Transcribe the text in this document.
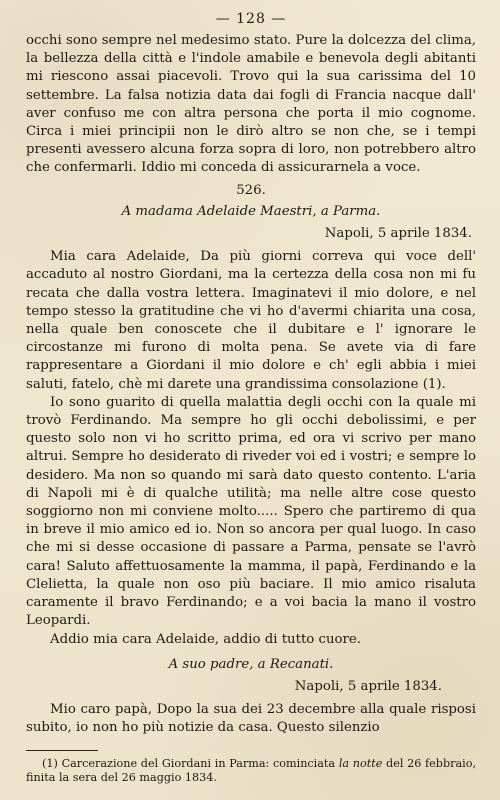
— 128 —

occhi sono sempre nel medesimo stato. Pure la dolcezza del clima, la bellezza della città e l'indole amabile e benevola degli abitanti mi riescono assai piacevoli. Trovo qui la sua carissima del 10 settembre. La falsa notizia data dai fogli di Francia nacque dall' aver confuso me con altra persona che porta il mio cognome. Circa i miei principii non le dirò altro se non che, se i tempi presenti avessero alcuna forza sopra di loro, non potrebbero altro che confermarli. Iddio mi conceda di assicurarnela a voce.

526.
A madama Adelaide Maestri, a Parma.
Napoli, 5 aprile 1834.

Mia cara Adelaide, Da più giorni correva qui voce dell' accaduto al nostro Giordani, ma la certezza della cosa non mi fu recata che dalla vostra lettera. Imaginatevi il mio dolore, e nel tempo stesso la gratitudine che vi ho d'avermi chiarita una cosa, nella quale ben conoscete che il dubitare e l' ignorare le circostanze mi furono di molta pena. Se avete via di fare rappresentare a Giordani il mio dolore e ch' egli abbia i miei saluti, fatelo, chè mi darete una grandissima consolazione (1).

Io sono guarito di quella malattia degli occhi con la quale mi trovò Ferdinando. Ma sempre ho gli occhi debolissimi, e per questo solo non vi ho scritto prima, ed ora vi scrivo per mano altrui. Sempre ho desiderato di riveder voi ed i vostri; e sempre lo desidero. Ma non so quando mi sarà dato questo contento. L'aria di Napoli mi è di qualche utilità; ma nelle altre cose questo soggiorno non mi conviene molto..... Spero che partiremo di qua in breve il mio amico ed io. Non so ancora per qual luogo. In caso che mi si desse occasione di passare a Parma, pensate se l'avrò cara! Saluto affettuosamente la mamma, il papà, Ferdinando e la Clelietta, la quale non oso più baciare. Il mio amico risaluta caramente il bravo Ferdinando; e a voi bacia la mano il vostro Leopardi.

Addio mia cara Adelaide, addio di tutto cuore.

A suo padre, a Recanati.
Napoli, 5 aprile 1834.

Mio caro papà, Dopo la sua dei 23 decembre alla quale risposi subito, io non ho più notizie da casa. Questo silenzio

(1) Carcerazione del Giordani in Parma: cominciata la notte del 26 febbraio, finita la sera del 26 maggio 1834.
